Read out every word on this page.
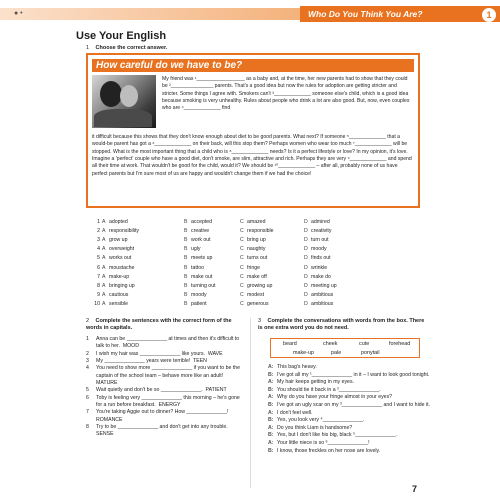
● •	Who Do You Think You Are?	1
Use Your English
1 Choose the correct answer.
How careful do we have to be?

My friend was ¹_________________ as a baby and, at the time, her new parents had to show that they could be ²_______________ parents. That's a good idea but now the rules for adoption are getting stricter and stricter. Some things I agree with. Smokers can't ³_____________ someone else's child, which is a good idea because smoking is very unhealthy. Rules about people who drink a lot are also good. But, now, even couples who are ⁴_____________ find

it difficult because this shows that they don't know enough about diet to be good parents. What next? If someone ⁵_____________ that a would-be parent has got a ⁶_____________ on their back, will this stop them? Perhaps women who wear too much ⁷_____________ will be stopped. What is the most important thing that a child who is ⁸_____________ needs? Is it a perfect lifestyle or love? In my opinion, it's love. Imagine a 'perfect' couple who have a good diet, don't smoke, are slim, attractive and rich. Perhaps they are very ⁹_____________ and spend all their time at work. That wouldn't be good for the child, would it? We should be ¹⁰_____________ – after all, probably none of us have perfect parents but I'm sure most of us are happy and wouldn't change them if we had the choice!

1 A adopted	B accepted	C amazed	D admired
2 A responsibility	B creative	C responsible	D creativity
3 A grow up	B work out	C bring up	D turn out
4 A overweight	B ugly	C naughty	D moody
5 A works out	B meets up	C turns out	D finds out
6 A moustache	B tattoo	C fringe	D wrinkle
7 A make-up	B make out	C make off	D make do
8 A bringing up	B turning out	C growing up	D meeting up
9 A cautious	B moody	C modest	D ambitious
10 A sensible	B patient	C generous	D ambitious
2 Complete the sentences with the correct form of the words in capitals.
1 Anna can be ______________ at times and then it's difficult to talk to her.  MOOD
2 I wish my hair was ______________ like yours.  WAVE
3 My ______________ years were terrible!  TEEN
4 You need to show more ______________ if you want to be the captain of the school team – behave more like an adult!  MATURE
5 Wait quietly and don't be so ______________.  PATIENT
6 Toby is feeling very ______________ this morning – he's gone for a run before breakfast.  ENERGY
7 You're taking Aggie out to dinner? How ______________!  ROMANCE
8 Try to be ______________ and don't get into any trouble.  SENSE
3 Complete the conversations with words from the box. There is one extra word you do not need.
beard	cheek	cute	forehead
make-up	pale	ponytail
A: This bag's heavy.
B: I've got all my ¹______________ in it – I want to look good tonight.
A: My hair keeps getting in my eyes.
B: You should tie it back in a ²______________.
A: Why do you have your fringe almost in your eyes?
B: I've got an ugly scar on my ³______________ and I want to hide it.
A: I don't feel well.
B: Yes, you look very ⁴______________.
A: Do you think Liam is handsome?
B: Yes, but I don't like his big, black ⁵______________.
A: Your little niece is so ⁶______________!
B: I know, those freckles on her nose are lovely.
7
